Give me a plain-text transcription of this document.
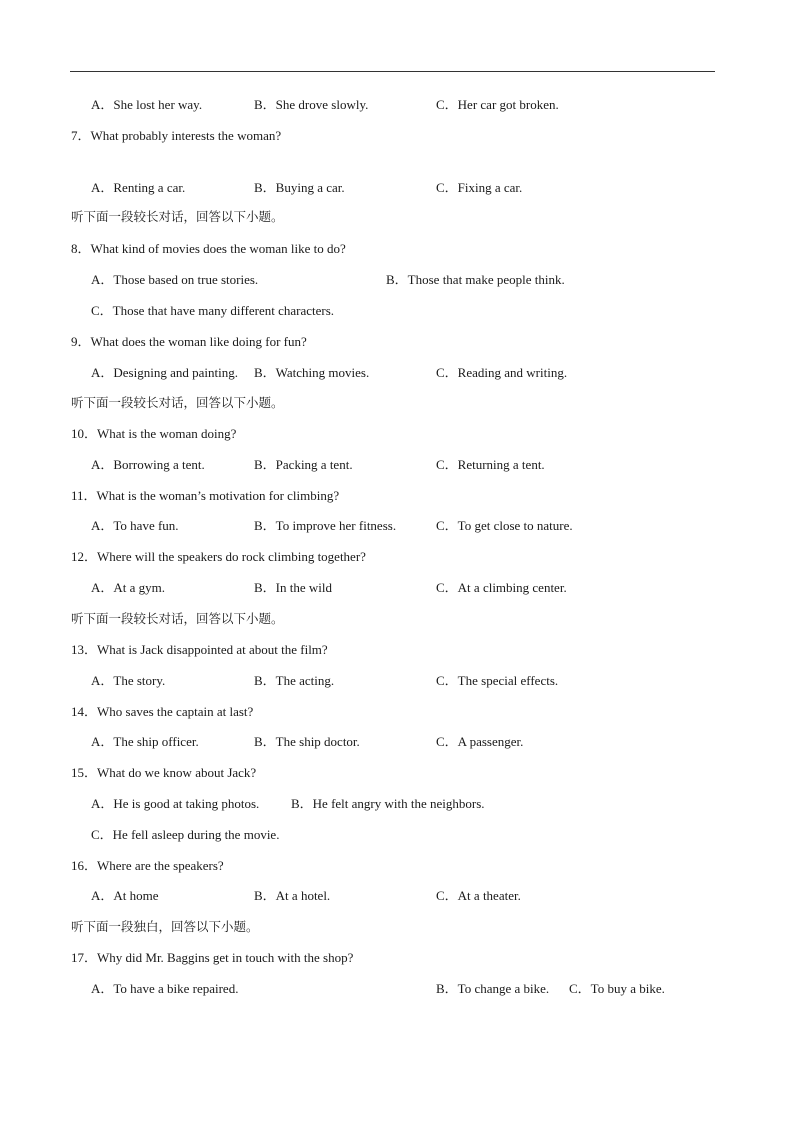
A．She lost her way.	B．She drove slowly.	C．Her car got broken.
7．What probably interests the woman?
A．Renting a car.	B．Buying a car.	C．Fixing a car.
听下面一段较长对话，回答以下小题。
8．What kind of movies does the woman like to do?
A．Those based on true stories.	B．Those that make people think.
C．Those that have many different characters.
9．What does the woman like doing for fun?
A．Designing and painting. B．Watching movies.	C．Reading and writing.
听下面一段较长对话，回答以下小题。
10．What is the woman doing?
A．Borrowing a tent.	B．Packing a tent.	C．Returning a tent.
11．What is the woman’s motivation for climbing?
A．To have fun.	B．To improve her fitness.	C．To get close to nature.
12．Where will the speakers do rock climbing together?
A．At a gym.	B．In the wild	C．At a climbing center.
听下面一段较长对话，回答以下小题。
13．What is Jack disappointed at about the film?
A．The story.	B．The acting.	C．The special effects.
14．Who saves the captain at last?
A．The ship officer.	B．The ship doctor.	C．A passenger.
15．What do we know about Jack?
A．He is good at taking photos. B．He felt angry with the neighbors.
C．He fell asleep during the movie.
16．Where are the speakers?
A．At home	B．At a hotel.	C．At a theater.
听下面一段独白，回答以下小题。
17．Why did Mr. Baggins get in touch with the shop?
A．To have a bike repaired.	B．To change a bike. C．To buy a bike.
